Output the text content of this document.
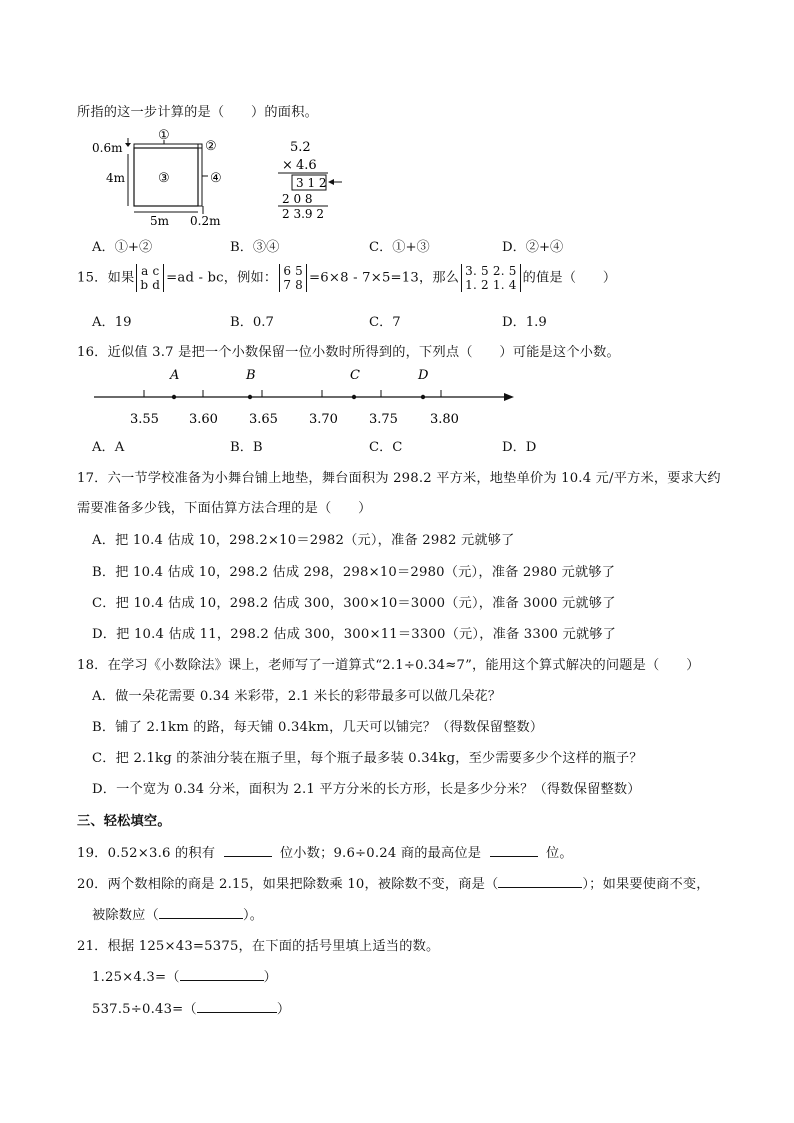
所指的这一步计算的是（　　）的面积。
①
②
③	④
0.6m
4m
5m 0.2m
5.2
× 4.6
3 1 2
2 0 8
2 3.9 2
A．①+②	B．③④	C．①+③	D．②+④
15．如果 a c
b d =ad - bc，例如： 6 5
7 8 =6×8 - 7×5=13，那么 3. 5 2. 5
1. 2 1. 4 的值是（　　）
A．19	B．0.7	C．7	D．1.9
16．近似值 3.7 是把一个小数保留一位小数时所得到的，下列点（　　）可能是这个小数。
A	B	C	D
3.55 3.60 3.65 3.70 3.75 3.80
A．A	B．B	C．C	D．D
17．六一节学校准备为小舞台铺上地垫，舞台面积为 298.2 平方米，地垫单价为 10.4 元/平方米，要求大约
需要准备多少钱，下面估算方法合理的是（　　）
A．把 10.4 估成 10，298.2×10＝2982（元），准备 2982 元就够了
B．把 10.4 估成 10，298.2 估成 298，298×10＝2980（元），准备 2980 元就够了
C．把 10.4 估成 10，298.2 估成 300，300×10＝3000（元），准备 3000 元就够了
D．把 10.4 估成 11，298.2 估成 300，300×11＝3300（元），准备 3300 元就够了
18．在学习《小数除法》课上，老师写了一道算式“2.1÷0.34≈7”，能用这个算式解决的问题是（　　）
A．做一朵花需要 0.34 米彩带，2.1 米长的彩带最多可以做几朵花？
B．铺了 2.1km 的路，每天铺 0.34km，几天可以铺完？（得数保留整数）
C．把 2.1kg 的茶油分装在瓶子里，每个瓶子最多装 0.34kg，至少需要多少个这样的瓶子？
D．一个宽为 0.34 分米，面积为 2.1 平方分米的长方形，长是多少分米？（得数保留整数）
三、轻松填空。
19．0.52×3.6 的积有	位小数；9.6÷0.24 商的最高位是	位。
20．两个数相除的商是 2.15，如果把除数乘 10，被除数不变，商是（	）；如果要使商不变，
被除数应（	）。
21．根据 125×43=5375，在下面的括号里填上适当的数。
1.25×4.3=（	）
537.5÷0.43=（	）
